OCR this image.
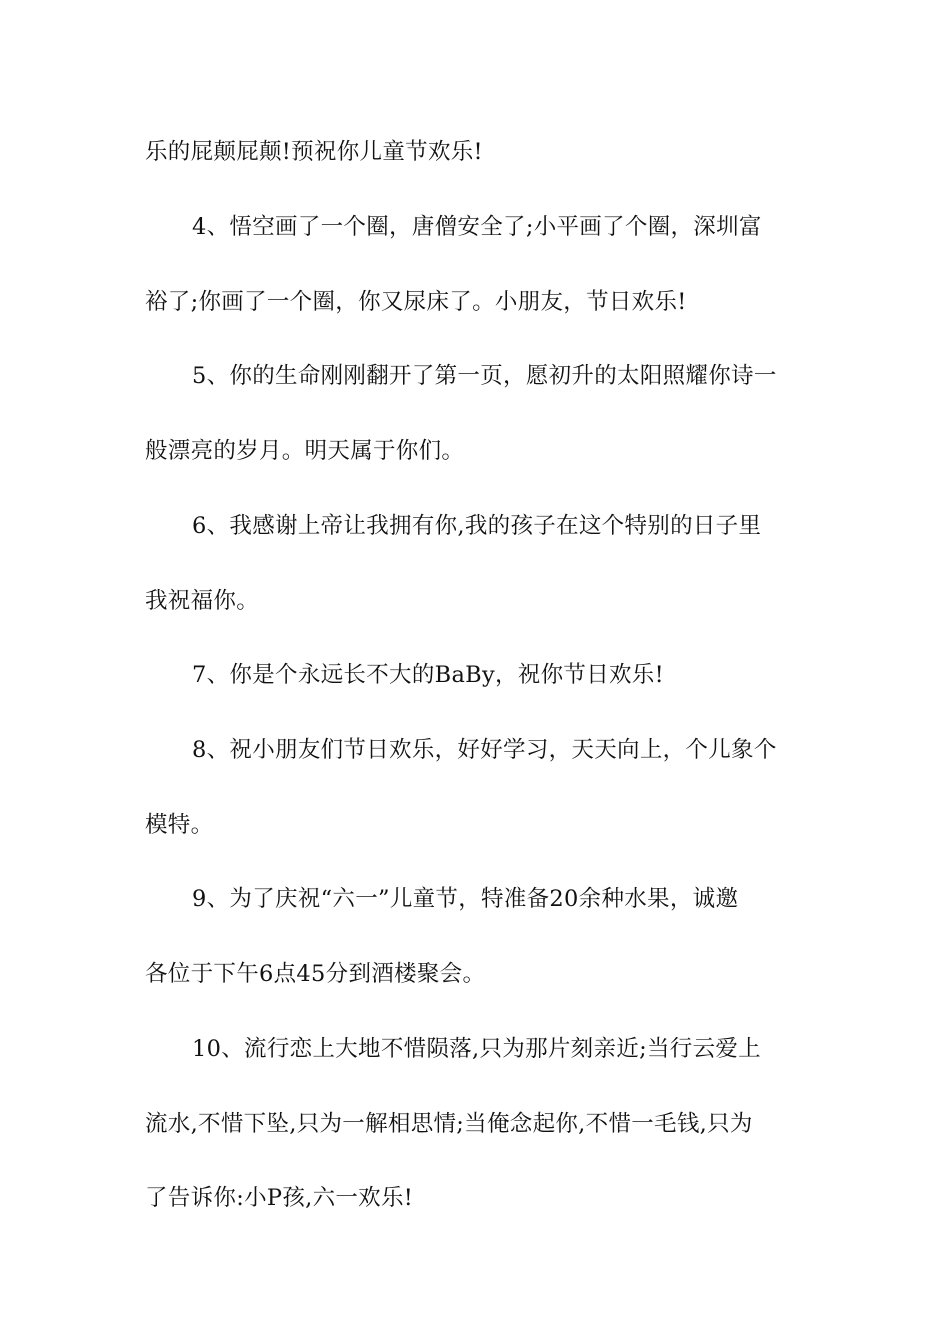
乐的屁颠屁颠!预祝你儿童节欢乐!
4、悟空画了一个圈，唐僧安全了;小平画了个圈，深圳富
裕了;你画了一个圈，你又尿床了。小朋友，节日欢乐!
5、你的生命刚刚翻开了第一页，愿初升的太阳照耀你诗一
般漂亮的岁月。明天属于你们。
6、我感谢上帝让我拥有你,我的孩子在这个特别的日子里
我祝福你。
7、你是个永远长不大的BaBy，祝你节日欢乐!
8、祝小朋友们节日欢乐，好好学习，天天向上，个儿象个
模特。
9、为了庆祝“六一”儿童节，特准备20余种水果，诚邀
各位于下午6点45分到酒楼聚会。
10、流行恋上大地不惜陨落,只为那片刻亲近;当行云爱上
流水,不惜下坠,只为一解相思情;当俺念起你,不惜一毛钱,只为
了告诉你:小P孩,六一欢乐!
